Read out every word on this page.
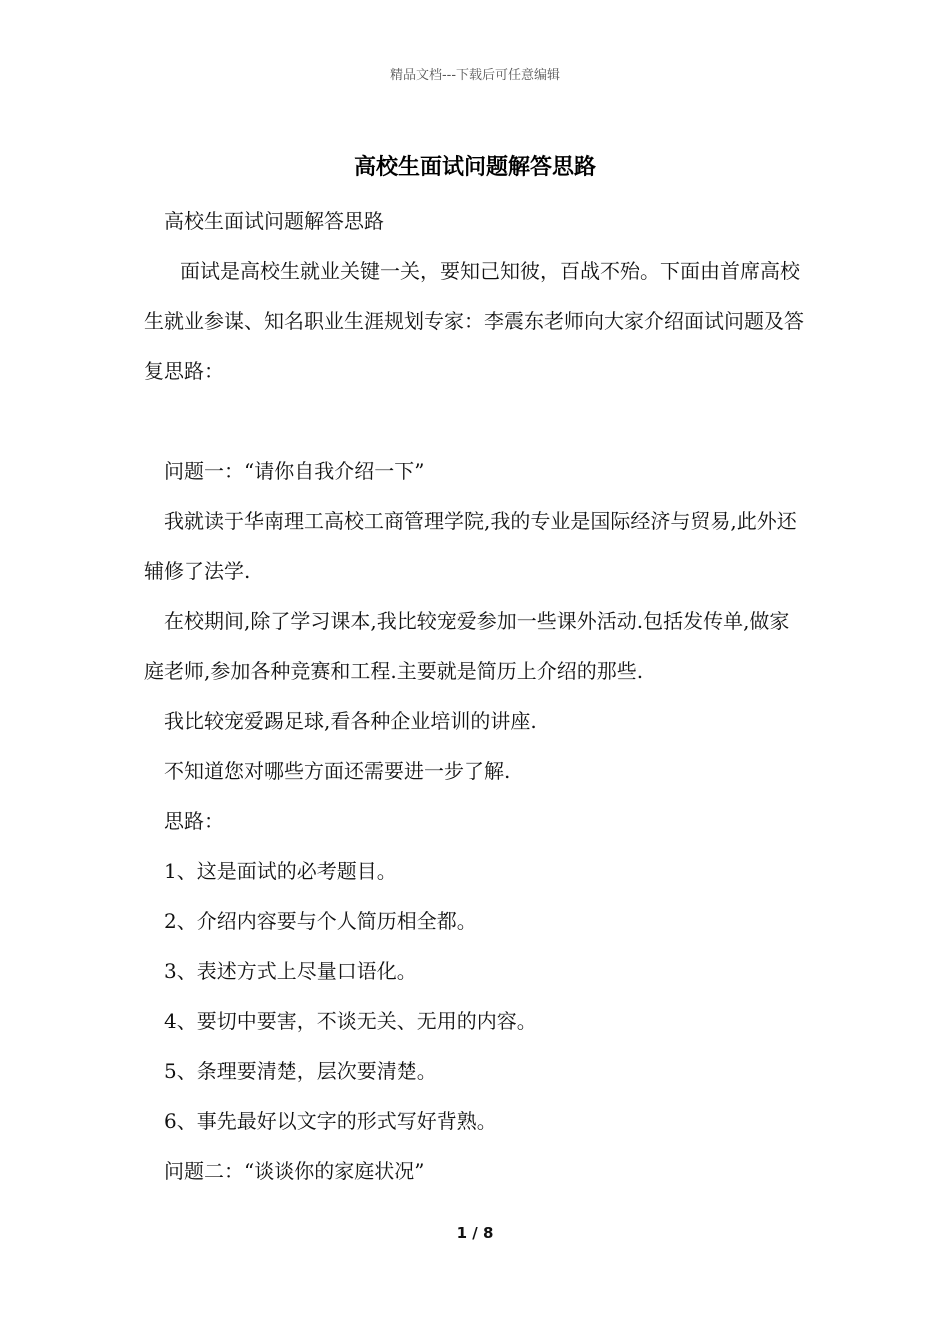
精品文档---下载后可任意编辑
高校生面试问题解答思路

高校生面试问题解答思路

面试是高校生就业关键一关，要知己知彼，百战不殆。下面由首席高校生就业参谋、知名职业生涯规划专家：李震东老师向大家介绍面试问题及答复思路：

问题一：“请你自我介绍一下”

我就读于华南理工高校工商管理学院,我的专业是国际经济与贸易,此外还辅修了法学.

在校期间,除了学习课本,我比较宠爱参加一些课外活动.包括发传单,做家庭老师,参加各种竞赛和工程.主要就是简历上介绍的那些.

我比较宠爱踢足球,看各种企业培训的讲座.

不知道您对哪些方面还需要进一步了解.

思路：

1、这是面试的必考题目。

2、介绍内容要与个人简历相全都。

3、表述方式上尽量口语化。

4、要切中要害，不谈无关、无用的内容。

5、条理要清楚，层次要清楚。

6、事先最好以文字的形式写好背熟。

问题二：“谈谈你的家庭状况”

1 / 8
